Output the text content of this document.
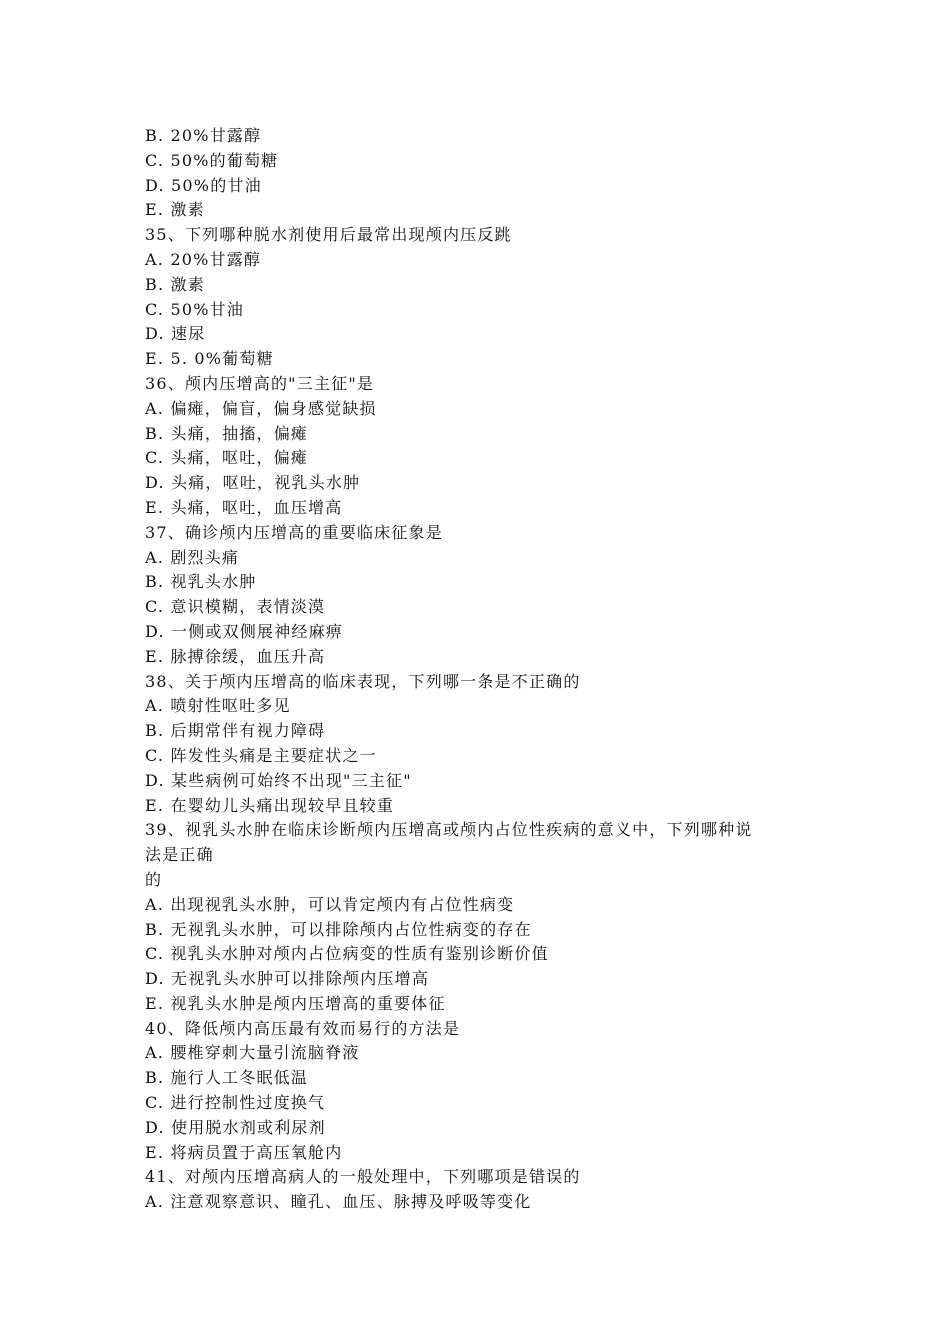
B. 20%甘露醇
C. 50%的葡萄糖
D. 50%的甘油
E. 激素
35、下列哪种脱水剂使用后最常出现颅内压反跳
A. 20%甘露醇
B. 激素
C. 50%甘油
D. 速尿
E. 5. 0%葡萄糖
36、颅内压增高的"三主征"是
A. 偏瘫，偏盲，偏身感觉缺损
B. 头痛，抽搐，偏瘫
C. 头痛，呕吐，偏瘫
D. 头痛，呕吐，视乳头水肿
E. 头痛，呕吐，血压增高
37、确诊颅内压增高的重要临床征象是
A. 剧烈头痛
B. 视乳头水肿
C. 意识模糊，表情淡漠
D. 一侧或双侧展神经麻痹
E. 脉搏徐缓，血压升高
38、关于颅内压增高的临床表现，下列哪一条是不正确的
A. 喷射性呕吐多见
B. 后期常伴有视力障碍
C. 阵发性头痛是主要症状之一
D. 某些病例可始终不出现"三主征"
E. 在婴幼儿头痛出现较早且较重
39、视乳头水肿在临床诊断颅内压增高或颅内占位性疾病的意义中，下列哪种说
法是正确
的
A. 出现视乳头水肿，可以肯定颅内有占位性病变
B. 无视乳头水肿，可以排除颅内占位性病变的存在
C. 视乳头水肿对颅内占位病变的性质有鉴别诊断价值
D. 无视乳头水肿可以排除颅内压增高
E. 视乳头水肿是颅内压增高的重要体征
40、降低颅内高压最有效而易行的方法是
A. 腰椎穿刺大量引流脑脊液
B. 施行人工冬眠低温
C. 进行控制性过度换气
D. 使用脱水剂或利尿剂
E. 将病员置于高压氧舱内
41、对颅内压增高病人的一般处理中，下列哪项是错误的
A. 注意观察意识、瞳孔、血压、脉搏及呼吸等变化
